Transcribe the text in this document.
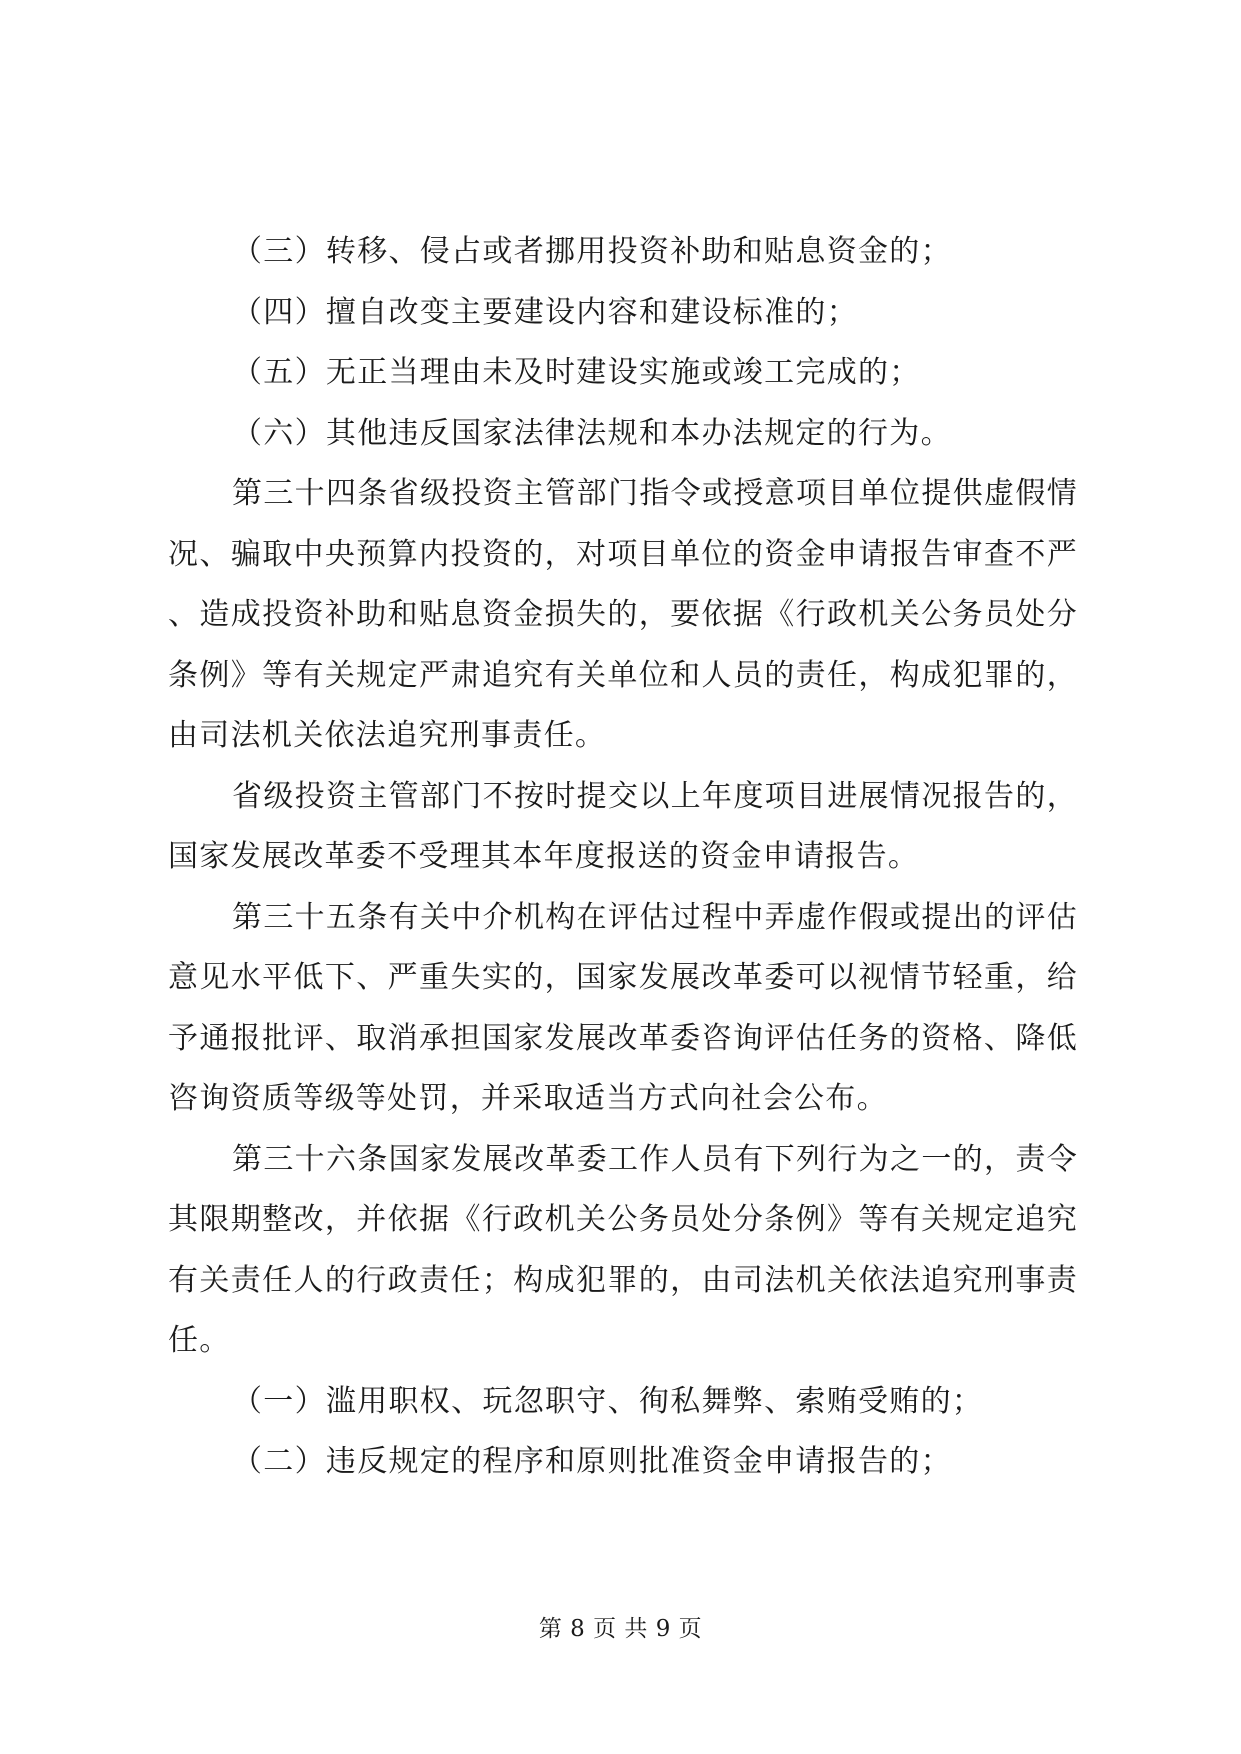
（三）转移、侵占或者挪用投资补助和贴息资金的；

（四）擅自改变主要建设内容和建设标准的；

（五）无正当理由未及时建设实施或竣工完成的；

（六）其他违反国家法律法规和本办法规定的行为。

第三十四条省级投资主管部门指令或授意项目单位提供虚假情况、骗取中央预算内投资的，对项目单位的资金申请报告审查不严、造成投资补助和贴息资金损失的，要依据《行政机关公务员处分条例》等有关规定严肃追究有关单位和人员的责任，构成犯罪的，由司法机关依法追究刑事责任。

省级投资主管部门不按时提交以上年度项目进展情况报告的，国家发展改革委不受理其本年度报送的资金申请报告。

第三十五条有关中介机构在评估过程中弄虚作假或提出的评估意见水平低下、严重失实的，国家发展改革委可以视情节轻重，给予通报批评、取消承担国家发展改革委咨询评估任务的资格、降低咨询资质等级等处罚，并采取适当方式向社会公布。

第三十六条国家发展改革委工作人员有下列行为之一的，责令其限期整改，并依据《行政机关公务员处分条例》等有关规定追究有关责任人的行政责任；构成犯罪的，由司法机关依法追究刑事责任。

（一）滥用职权、玩忽职守、徇私舞弊、索贿受贿的；

（二）违反规定的程序和原则批准资金申请报告的；

第 8 页 共 9 页
